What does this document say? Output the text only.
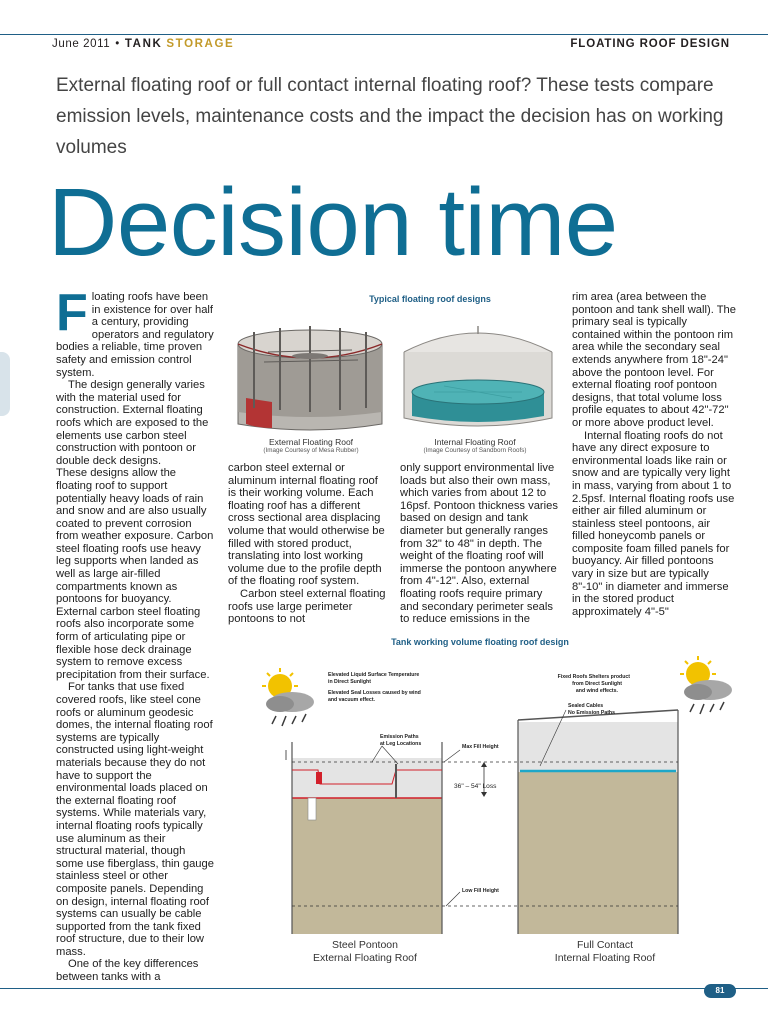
June 2011 • TANK STORAGE	FLOATING ROOF DESIGN
External floating roof or full contact internal floating roof? These tests compare emission levels, maintenance costs and the impact the decision has on working volumes
Decision time

Floating roofs have been in existence for over half a century, providing operators and regulatory bodies a reliable, time proven safety and emission control system.

The design generally varies with the material used for construction. External floating roofs which are exposed to the elements use carbon steel construction with pontoon or double deck designs.

These designs allow the floating roof to support potentially heavy loads of rain and snow and are also usually coated to prevent corrosion from weather exposure. Carbon steel floating roofs use heavy leg supports when landed as well as large air-filled compartments known as pontoons for buoyancy. External carbon steel floating roofs also incorporate some form of articulating pipe or flexible hose deck drainage system to remove excess precipitation from their surface.

For tanks that use fixed covered roofs, like steel cone roofs or aluminum geodesic domes, the internal floating roof systems are typically constructed using light-weight materials because they do not have to support the environmental loads placed on the external floating roof systems. While materials vary, internal floating roofs typically use aluminum as their structural material, though some use fiberglass, thin gauge stainless steel or other composite panels. Depending on design, internal floating roof systems can usually be cable supported from the tank fixed roof structure, due to their low mass.

One of the key differences between tanks with a

Typical floating roof designs
External Floating Roof
(Image Courtesy of Mesa Rubber)
Internal Floating Roof
(Image Courtesy of Sandborn Roofs)

carbon steel external or aluminum internal floating roof is their working volume. Each floating roof has a different cross sectional area displacing volume that would otherwise be filled with stored product, translating into lost working volume due to the profile depth of the floating roof system.

Carbon steel external floating roofs use large perimeter pontoons to not

only support environmental live loads but also their own mass, which varies from about 12 to 16psf. Pontoon thickness varies based on design and tank diameter but generally ranges from 32" to 48" in depth. The weight of the floating roof will immerse the pontoon anywhere from 4"-12". Also, external floating roofs require primary and secondary perimeter seals to reduce emissions in the

rim area (area between the pontoon and tank shell wall). The primary seal is typically contained within the pontoon rim area while the secondary seal extends anywhere from 18"-24" above the pontoon level. For external floating roof pontoon designs, that total volume loss profile equates to about 42"-72" or more above product level.

Internal floating roofs do not have any direct exposure to environmental loads like rain or snow and are typically very light in mass, varying from about 1 to 2.5psf. Internal floating roofs use either air filled aluminum or stainless steel pontoons, air filled honeycomb panels or composite foam filled panels for buoyancy. Air filled pontoons vary in size but are typically 8"-10" in diameter and immerse in the stored product approximately 4"-5"

Tank working volume floating roof design
Elevated Liquid Surface Temperature
in Direct Sunlight
Elevated Seal Losses caused by wind
and vacuum effect.
Fixed Roofs Shelters product
from Direct Sunlight
and wind effects.
Sealed Cables
No Emission Paths
Emission Paths
at Leg Locations	Max Fill Height
36" – 54" Loss
Low Fill Height
Steel Pontoon
External Floating Roof
Full Contact
Internal Floating Roof
81
